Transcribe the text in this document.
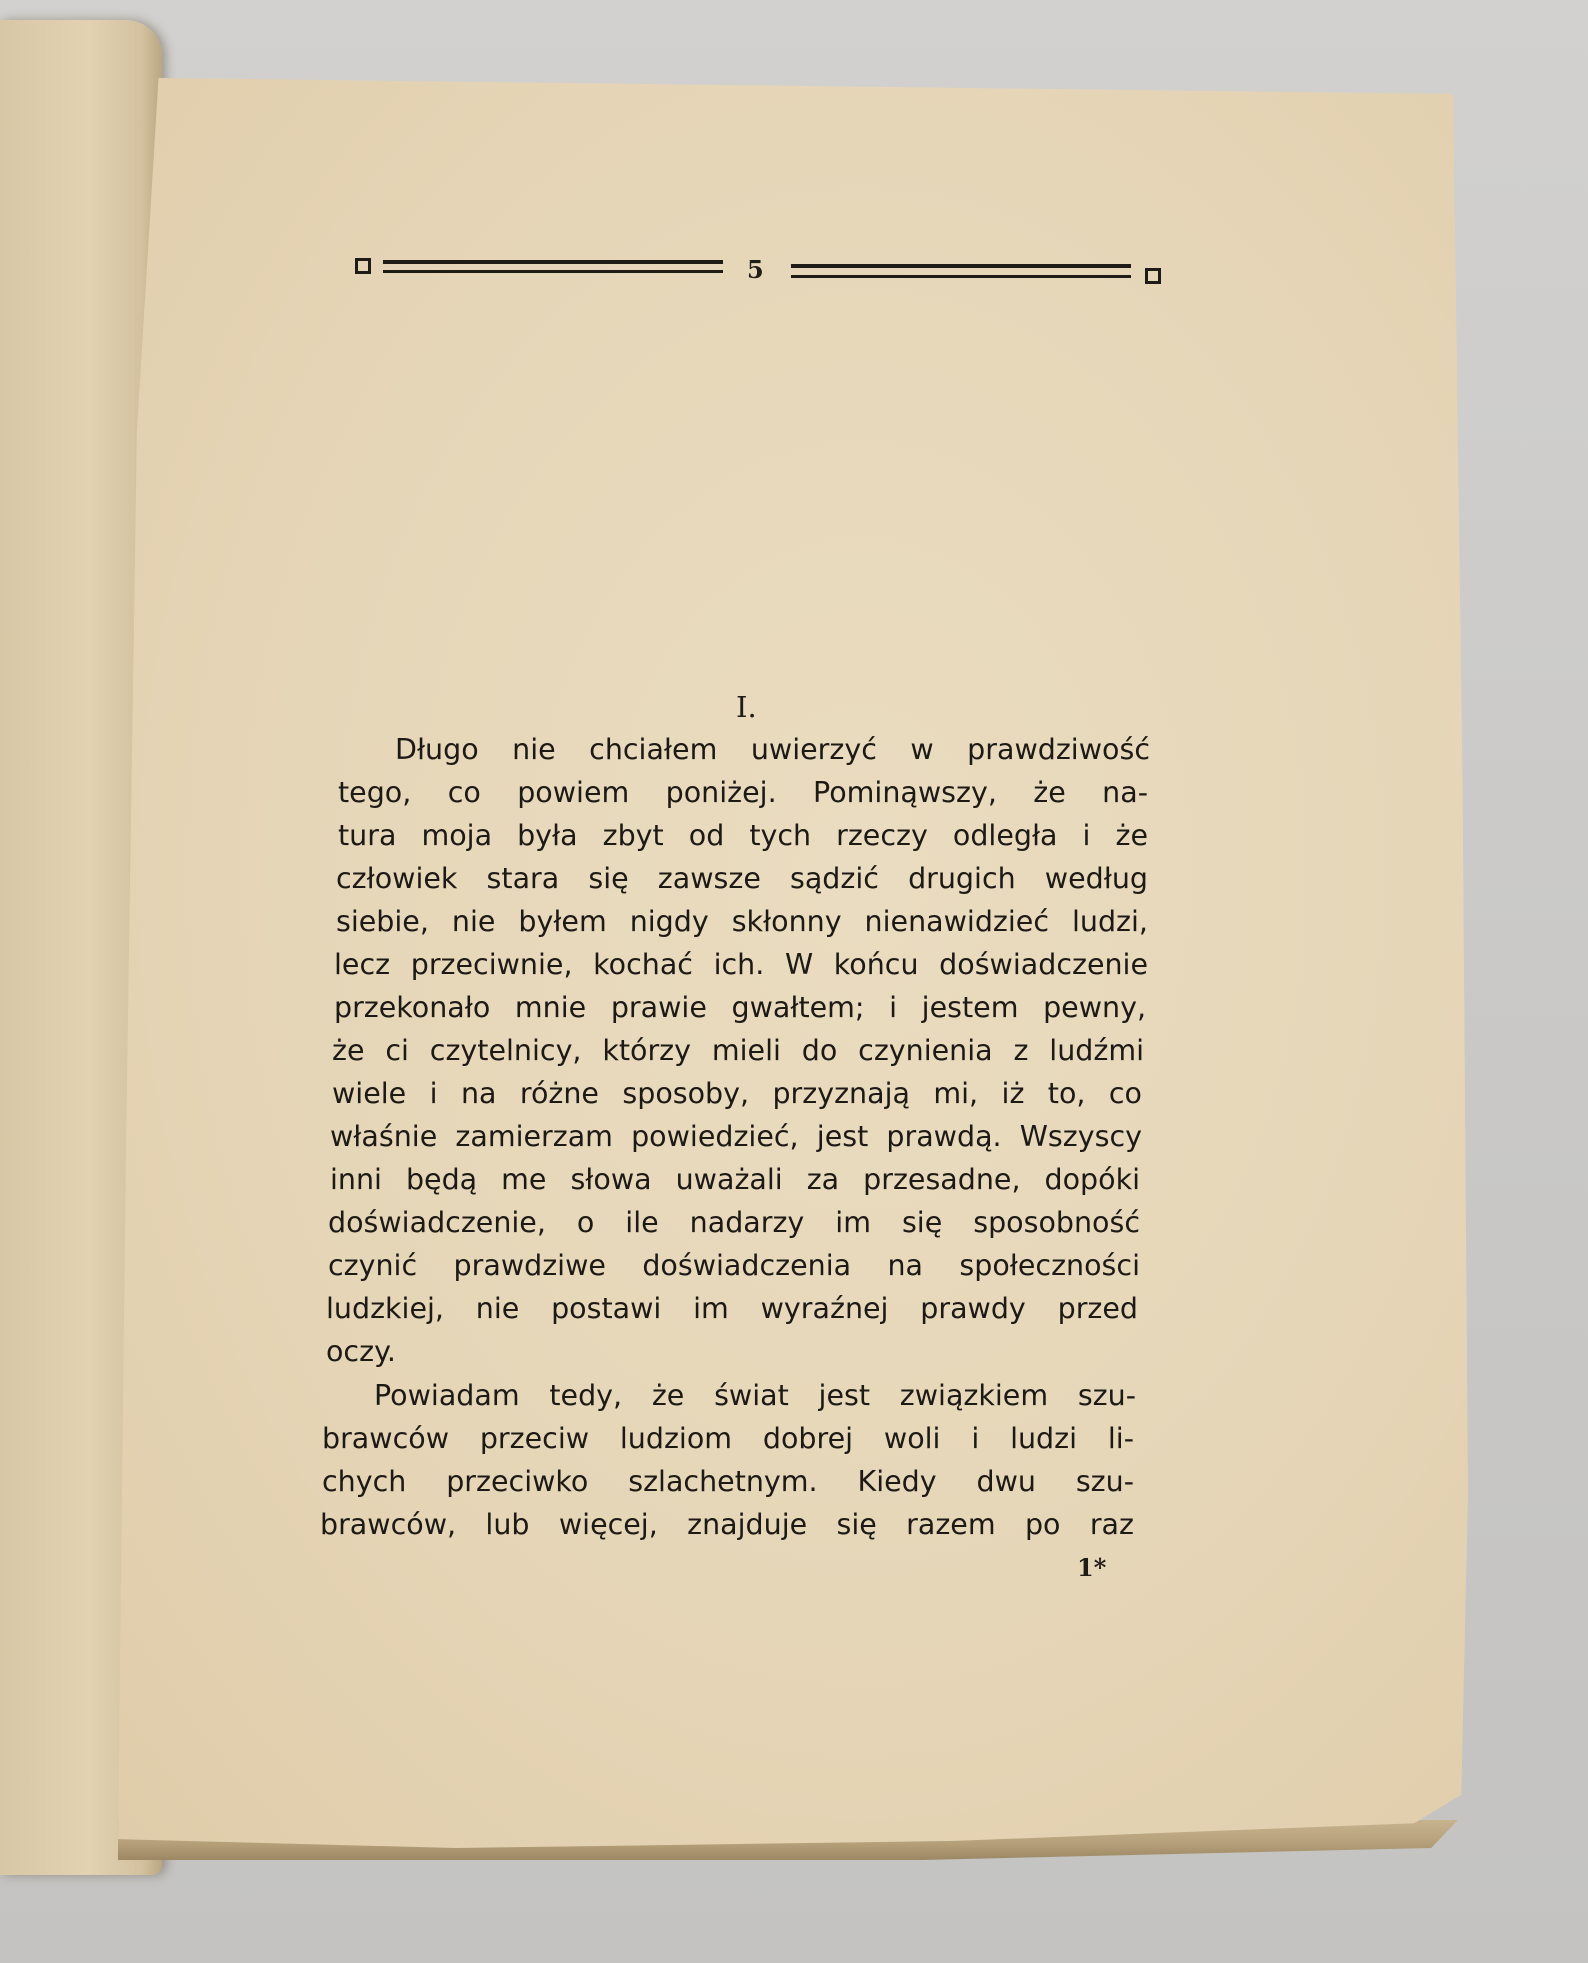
5
I.
Długo nie chciałem uwierzyć w prawdziwość
tego, co powiem poniżej. Pominąwszy, że na-
tura moja była zbyt od tych rzeczy odległa i że
człowiek stara się zawsze sądzić drugich według
siebie, nie byłem nigdy skłonny nienawidzieć ludzi,
lecz przeciwnie, kochać ich. W końcu doświadczenie
przekonało mnie prawie gwałtem; i jestem pewny,
że ci czytelnicy, którzy mieli do czynienia z ludźmi
wiele i na różne sposoby, przyznają mi, iż to, co
właśnie zamierzam powiedzieć, jest prawdą. Wszyscy
inni będą me słowa uważali za przesadne, dopóki
doświadczenie, o ile nadarzy im się sposobność
czynić prawdziwe doświadczenia na społeczności
ludzkiej, nie postawi im wyraźnej prawdy przed
oczy.
Powiadam tedy, że świat jest związkiem szu-
brawców przeciw ludziom dobrej woli i ludzi li-
chych przeciwko szlachetnym. Kiedy dwu szu-
brawców, lub więcej, znajduje się razem po raz
1*
